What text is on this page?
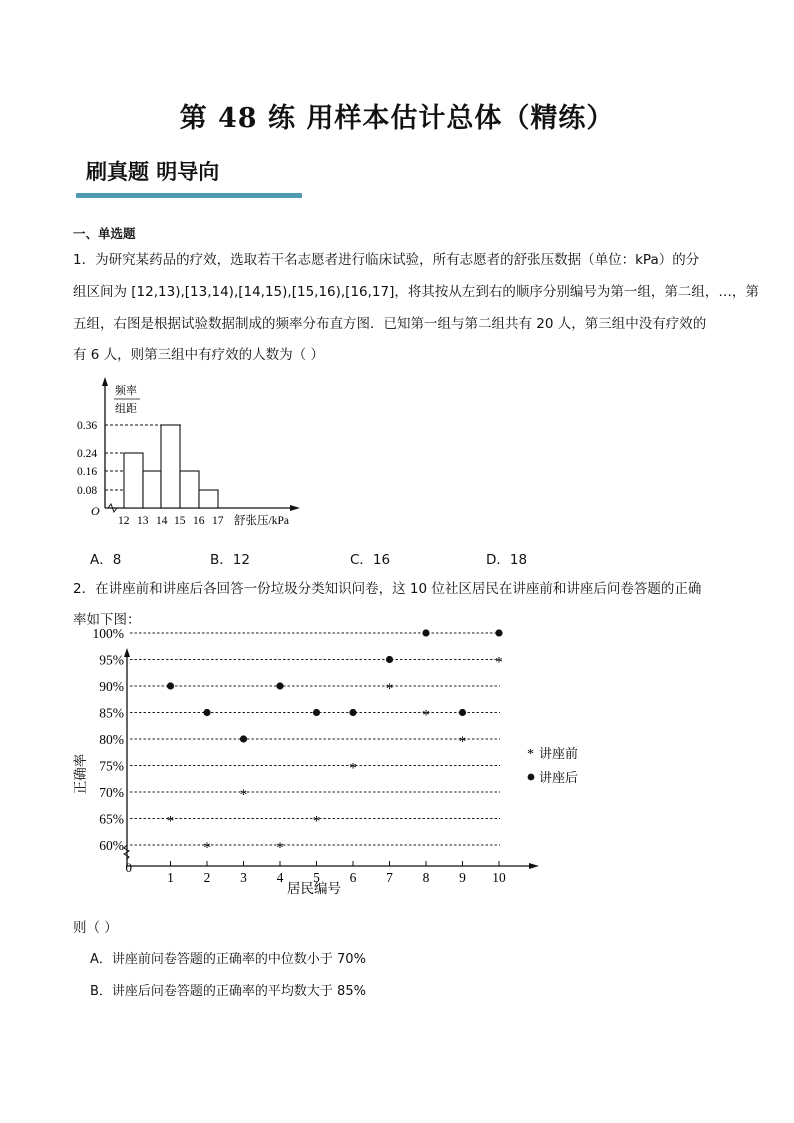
第 48 练 用样本估计总体（精练）
刷真题 明导向
一、单选题
1．为研究某药品的疗效，选取若干名志愿者进行临床试验，所有志愿者的舒张压数据（单位：kPa）的分
组区间为 [12,13),[13,14),[14,15),[15,16),[16,17]，将其按从左到右的顺序分别编号为第一组，第二组，…，第
五组，右图是根据试验数据制成的频率分布直方图．已知第一组与第二组共有 20 人，第三组中没有疗效的
有 6 人，则第三组中有疗效的人数为（ ）
频率
组距
0.36
0.24
0.16
0.08
O
12 13 14 15 16 17 舒张压/kPa
A．8	B．12	C．16	D．18
2．在讲座前和讲座后各回答一份垃圾分类知识问卷，这 10 位社区居民在讲座前和讲座后问卷答题的正确
率如下图：
100%
95%
90%
85%
80%
75%
70%
65%
60%
1 2 3 4 5 6 7 8 9 10
*
*
*
*
*
*
*
*
*
*
0
居民编号
正确率	* 讲座前
讲座后
则（ ）
A．讲座前问卷答题的正确率的中位数小于 70%
B．讲座后问卷答题的正确率的平均数大于 85%
